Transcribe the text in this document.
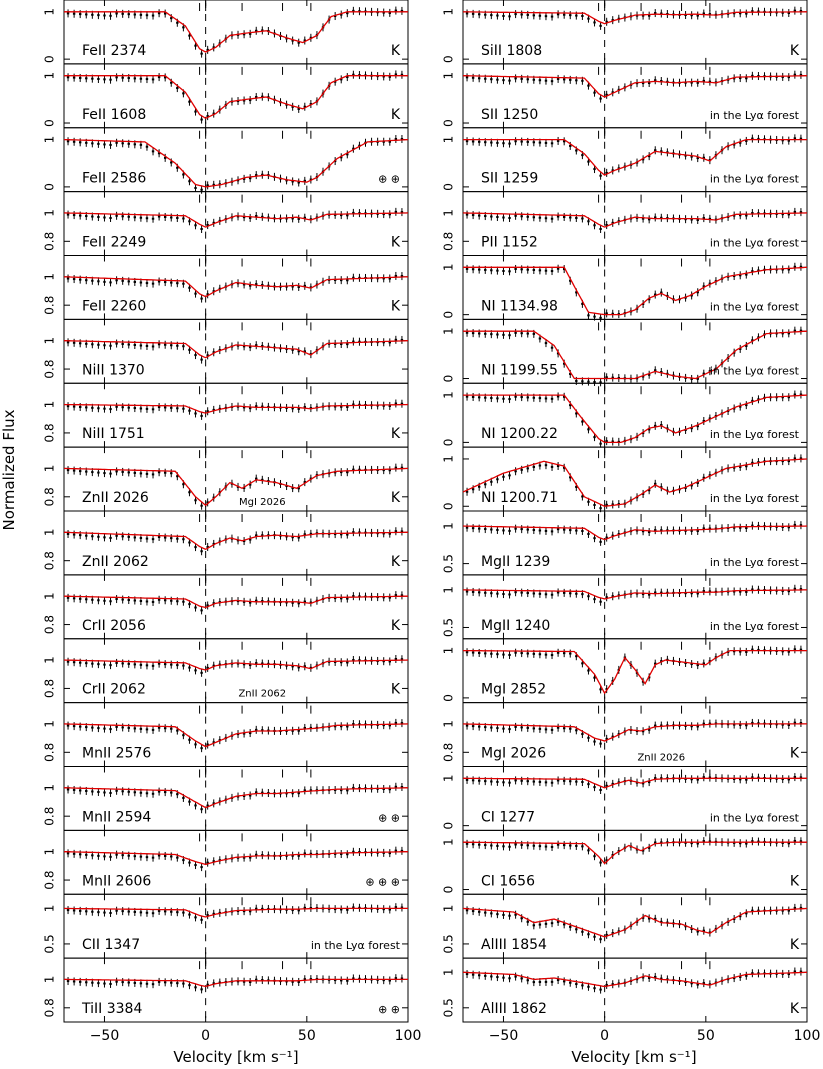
0
1
FeII 2374	K
0
1
FeII 1608	K
0
1
FeII 2586	⊕ ⊕
0.8
1
FeII 2249	K
0.8
1
FeII 2260	K
0.8
1
NiII 1370
0.8
1
NiII 1751	K
0.8
1
ZnII 2026	K
MgI 2026
0.8
1
ZnII 2062	K
0.8
1
CrII 2056	K
0.8
1
CrII 2062	K
ZnII 2062
0.8
1
MnII 2576
0.8
1
MnII 2594	⊕ ⊕
0.8
1
MnII 2606	⊕ ⊕ ⊕
0.5
1
CII 1347	in the Lyα forest
0.8
1
TiII 3384	⊕ ⊕
−50	0	50	100
0
1
SiII 1808	K
0
1
SII 1250	in the Lyα forest
0
1
SII 1259	in the Lyα forest
0.8
1
PII 1152	in the Lyα forest
0
1
NI 1134.98	in the Lyα forest
0
1
NI 1199.55	in the Lyα forest
0
1
NI 1200.22	in the Lyα forest
0
1
NI 1200.71	in the Lyα forest
0.5
1
MgII 1239	in the Lyα forest
0.5
1
MgII 1240	in the Lyα forest
0
1
MgI 2852
0.8
1
MgI 2026	K
ZnII 2026
0
1
CI 1277	in the Lyα forest
0
1
CI 1656	K
0.5
1
AlIII 1854	K
0.5
1
AlIII 1862	K
−50	0	50	100
Normalized Flux
Velocity [km s⁻¹]	Velocity [km s⁻¹]
